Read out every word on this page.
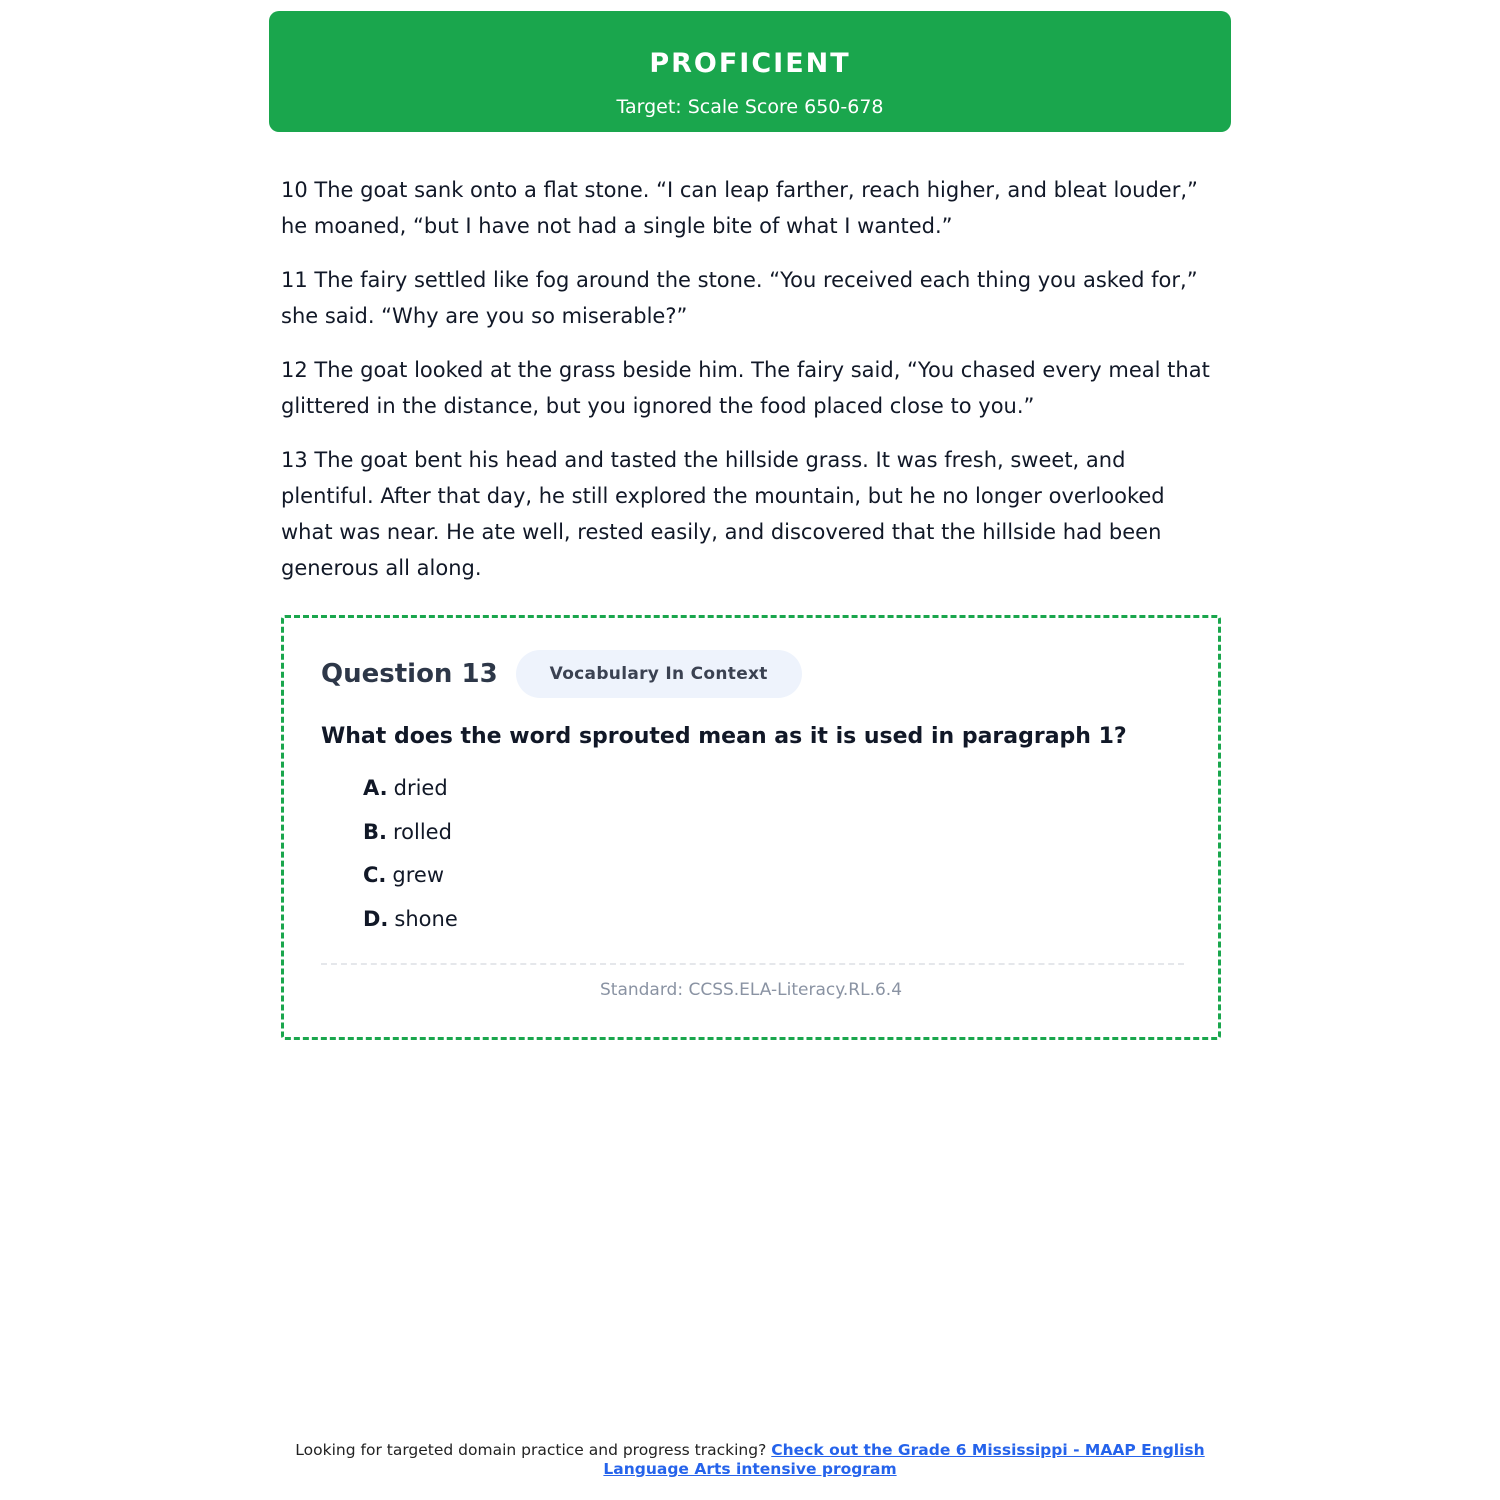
PROFICIENT
Target: Scale Score 650-678

10 The goat sank onto a flat stone. “I can leap farther, reach higher, and bleat louder,” he moaned, “but I have not had a single bite of what I wanted.”

11 The fairy settled like fog around the stone. “You received each thing you asked for,” she said. “Why are you so miserable?”

12 The goat looked at the grass beside him. The fairy said, “You chased every meal that glittered in the distance, but you ignored the food placed close to you.”

13 The goat bent his head and tasted the hillside grass. It was fresh, sweet, and plentiful. After that day, he still explored the mountain, but he no longer overlooked what was near. He ate well, rested easily, and discovered that the hillside had been generous all along.

Question 13	Vocabulary In Context
What does the word sprouted mean as it is used in paragraph 1?
A. dried
B. rolled
C. grew
D. shone
Standard: CCSS.ELA-Literacy.RL.6.4
Looking for targeted domain practice and progress tracking? Check out the Grade 6 Mississippi - MAAP English Language Arts intensive program
